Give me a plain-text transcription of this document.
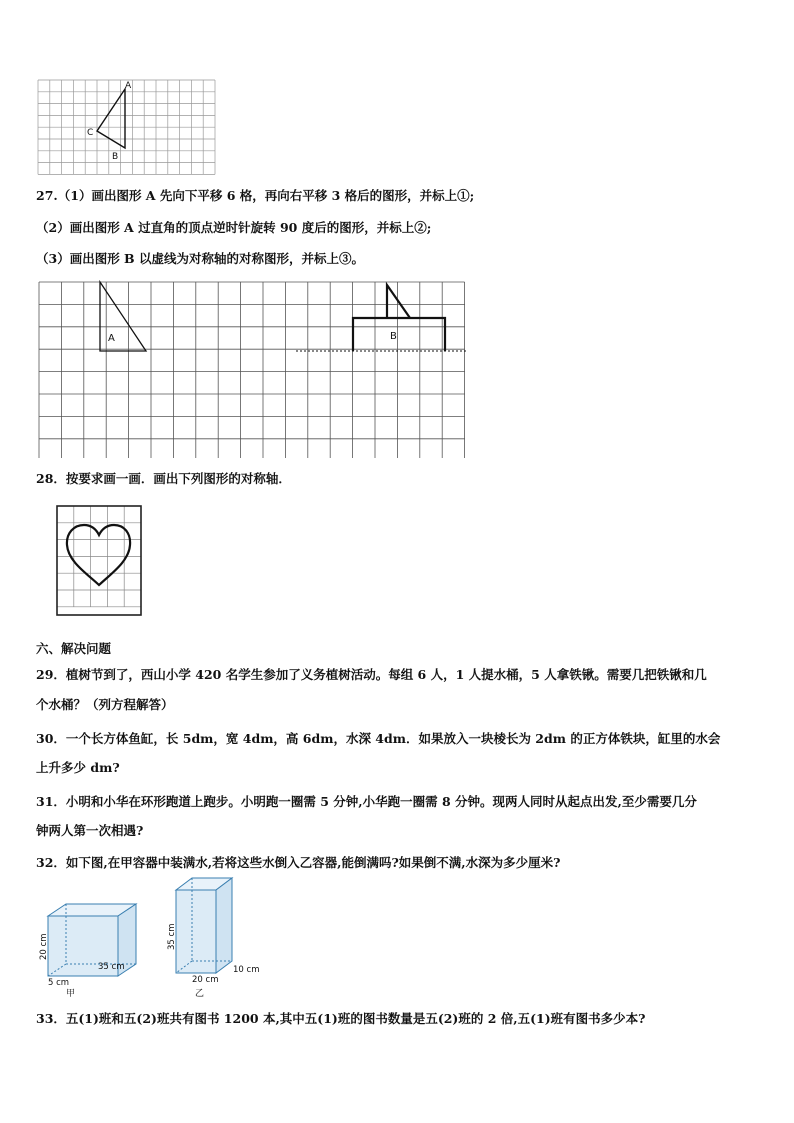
A
C
B
27.（1）画出图形 A 先向下平移 6 格，再向右平移 3 格后的图形，并标上①;
（2）画出图形 A 过直角的顶点逆时针旋转 90 度后的图形，并标上②;
（3）画出图形 B 以虚线为对称轴的对称图形，并标上③。
A	B
28．按要求画一画．画出下列图形的对称轴．
六、解决问题
29．植树节到了，西山小学 420 名学生参加了义务植树活动。每组 6 人，1 人提水桶，5 人拿铁锹。需要几把铁锹和几
个水桶？（列方程解答）
30．一个长方体鱼缸，长 5dm，宽 4dm，高 6dm，水深 4dm．如果放入一块棱长为 2dm 的正方体铁块，缸里的水会
上升多少 dm?
31．小明和小华在环形跑道上跑步。小明跑一圈需 5 分钟,小华跑一圈需 8 分钟。现两人同时从起点出发,至少需要几分
钟两人第一次相遇?
32．如下图,在甲容器中装满水,若将这些水倒入乙容器,能倒满吗?如果倒不满,水深为多少厘米?
20 cm
35 cm
5 cm
甲
35 cm
20 cm
10 cm
乙
33．五(1)班和五(2)班共有图书 1200 本,其中五(1)班的图书数量是五(2)班的 2 倍,五(1)班有图书多少本?
